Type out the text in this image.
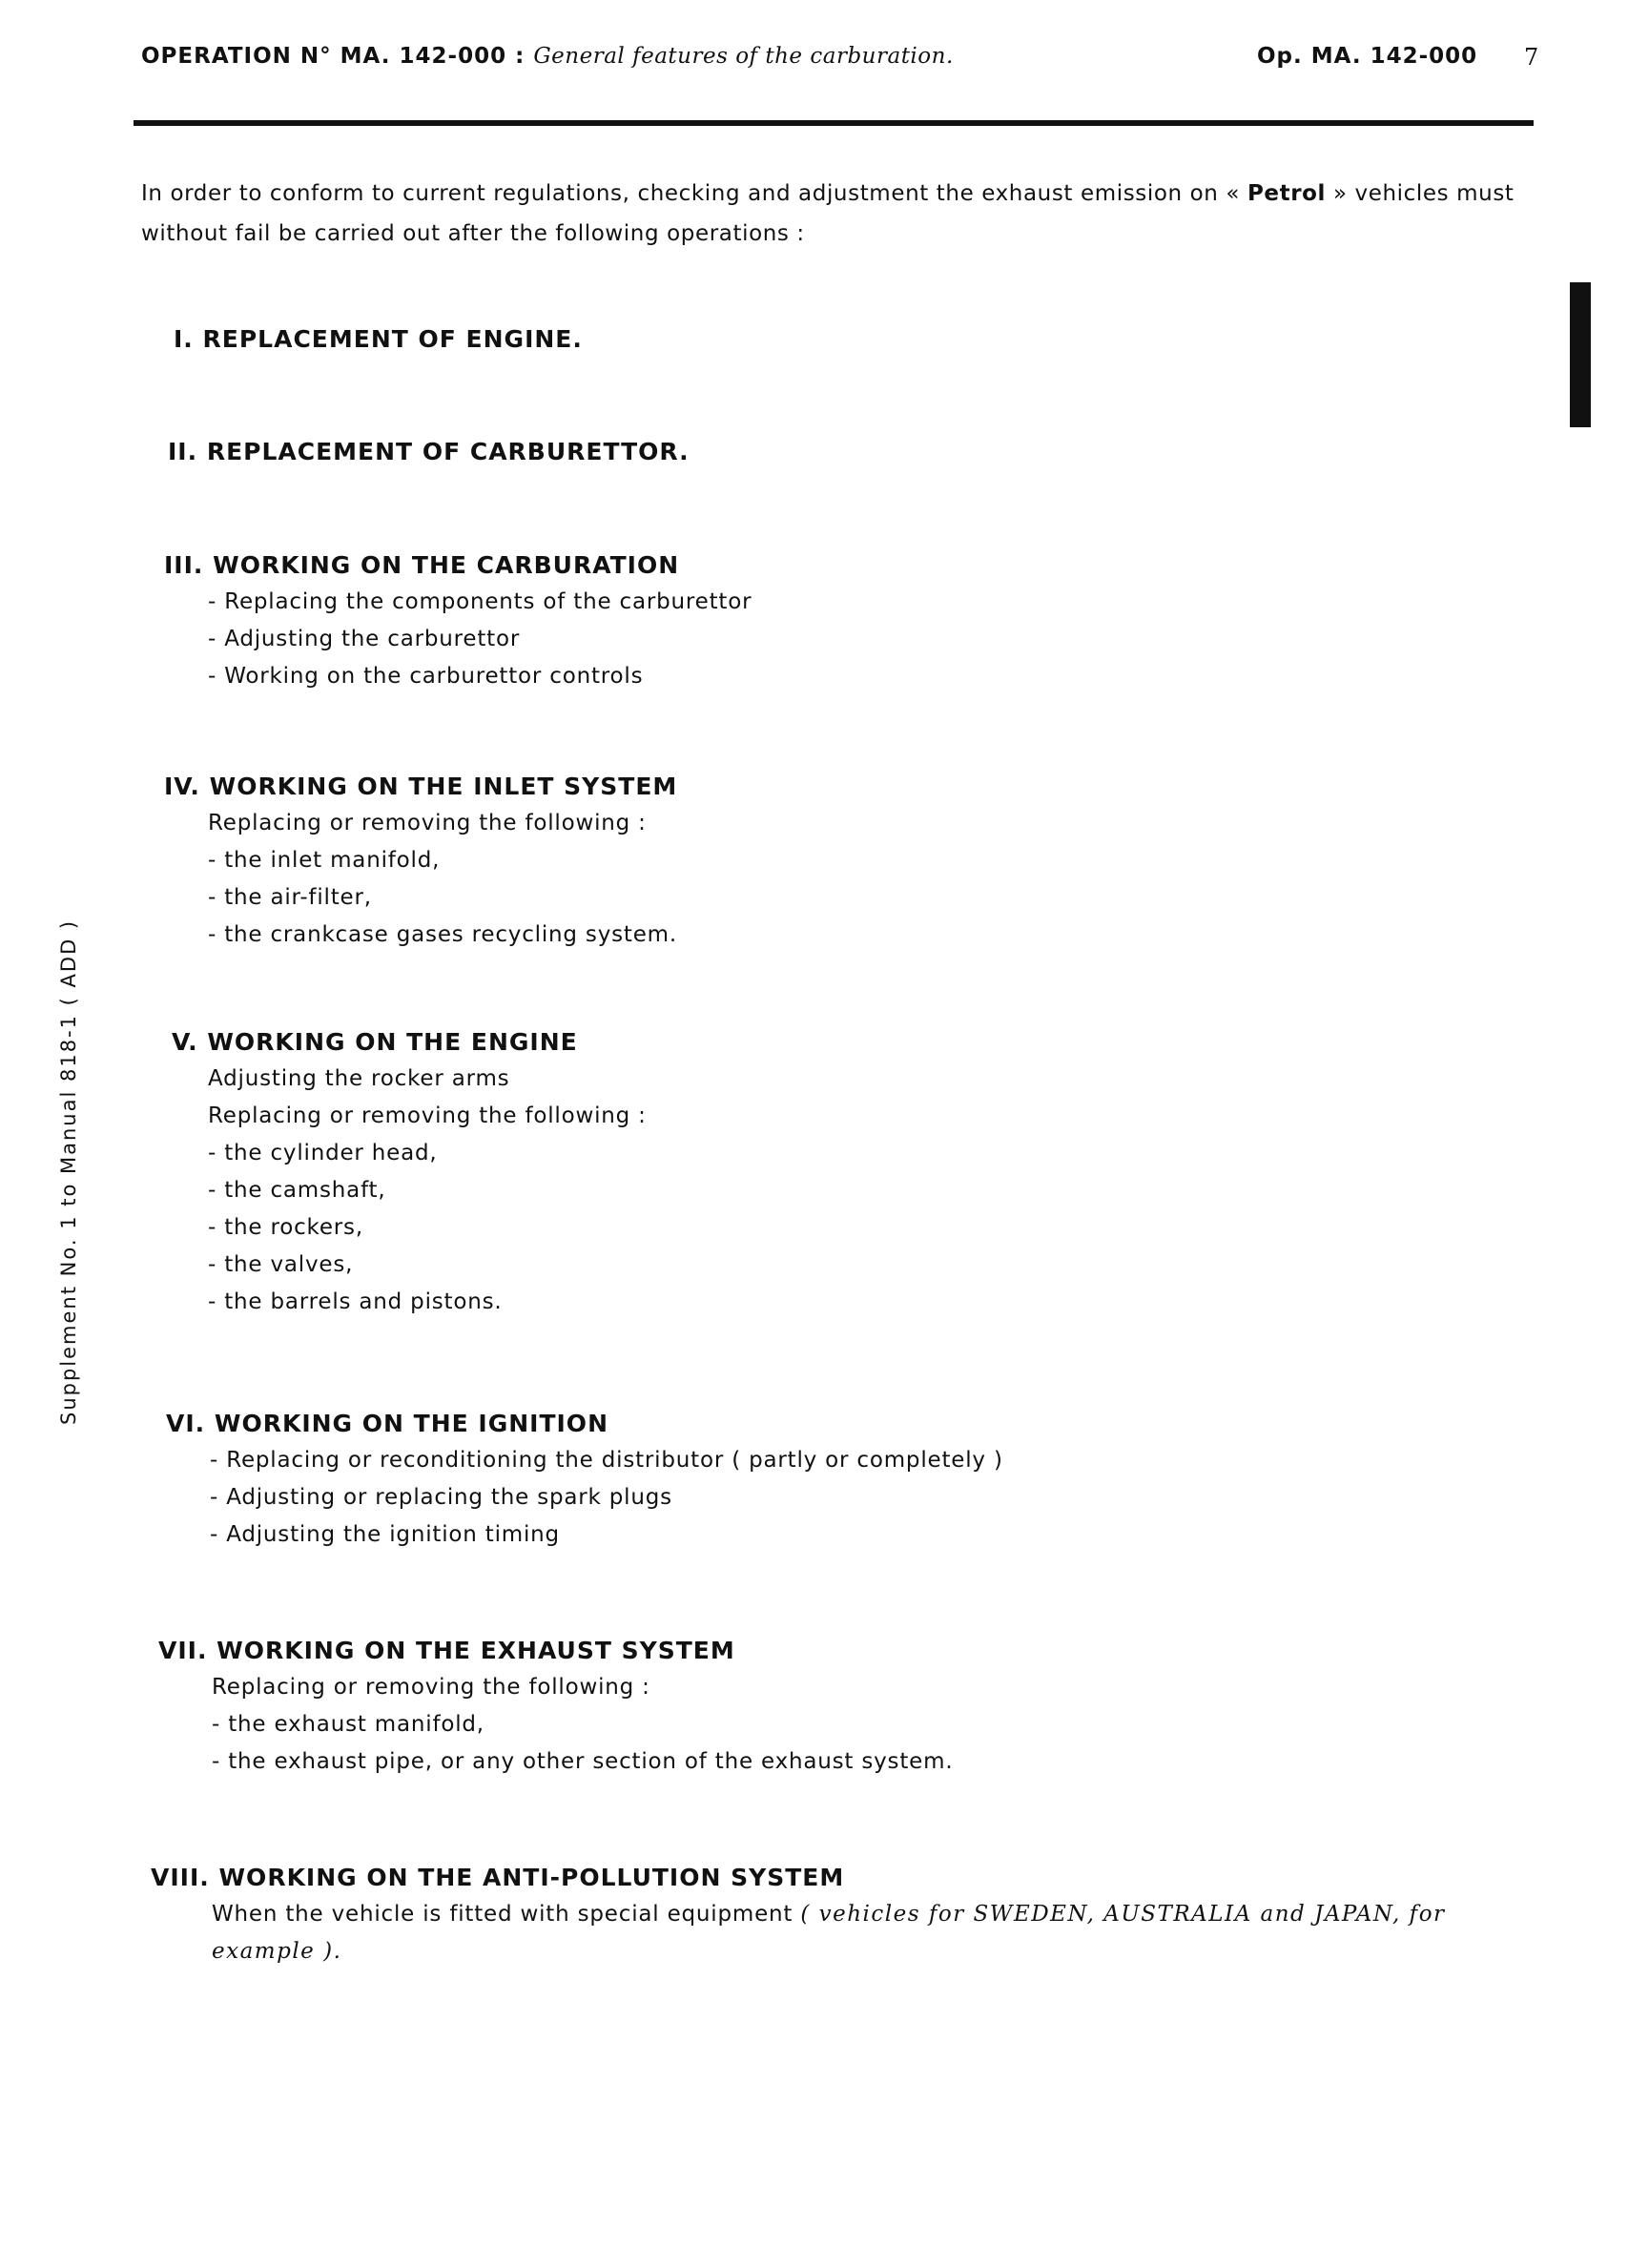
OPERATION N° MA. 142-000 : General features of the carburation.	Op. MA. 142-000 7
Supplement No. 1 to Manual 818-1 ( ADD )
In order to conform to current regulations, checking and adjustment the exhaust emission on « Petrol » vehicles must without fail be carried out after the following operations :
I. REPLACEMENT OF ENGINE.
II. REPLACEMENT OF CARBURETTOR.
III. WORKING ON THE CARBURATION
- Replacing the components of the carburettor
- Adjusting the carburettor
- Working on the carburettor controls
IV. WORKING ON THE INLET SYSTEM
Replacing or removing the following :
- the inlet manifold,
- the air-filter,
- the crankcase gases recycling system.
V. WORKING ON THE ENGINE
Adjusting the rocker arms
Replacing or removing the following :
- the cylinder head,
- the camshaft,
- the rockers,
- the valves,
- the barrels and pistons.
VI. WORKING ON THE IGNITION
- Replacing or reconditioning the distributor ( partly or completely )
- Adjusting or replacing the spark plugs
- Adjusting the ignition timing
VII. WORKING ON THE EXHAUST SYSTEM
Replacing or removing the following :
- the exhaust manifold,
- the exhaust pipe, or any other section of the exhaust system.
VIII. WORKING ON THE ANTI-POLLUTION SYSTEM
When the vehicle is fitted with special equipment ( vehicles for SWEDEN, AUSTRALIA and JAPAN, for
example ).
